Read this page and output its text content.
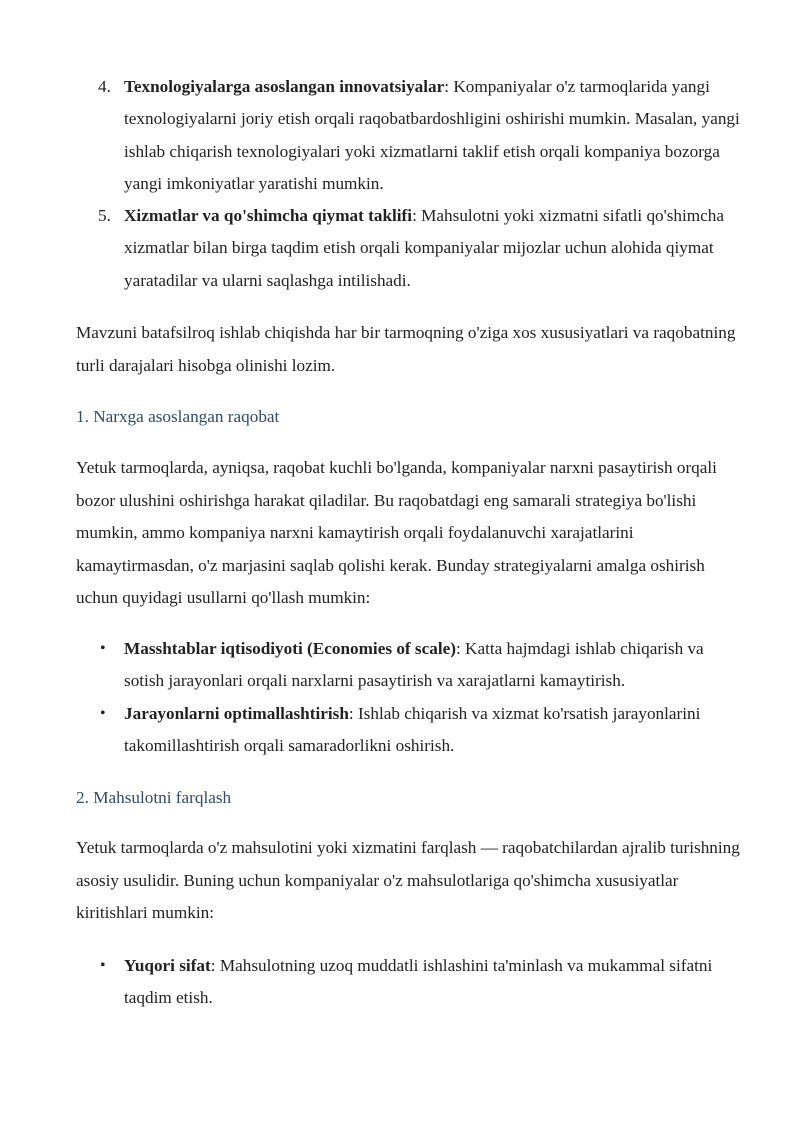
4. Texnologiyalarga asoslangan innovatsiyalar: Kompaniyalar o'z tarmoqlarida yangi texnologiyalarni joriy etish orqali raqobatbardoshligini oshirishi mumkin. Masalan, yangi ishlab chiqarish texnologiyalari yoki xizmatlarni taklif etish orqali kompaniya bozorga yangi imkoniyatlar yaratishi mumkin.
5. Xizmatlar va qo'shimcha qiymat taklifi: Mahsulotni yoki xizmatni sifatli qo'shimcha xizmatlar bilan birga taqdim etish orqali kompaniyalar mijozlar uchun alohida qiymat yaratadilar va ularni saqlashga intilishadi.
Mavzuni batafsilroq ishlab chiqishda har bir tarmoqning o'ziga xos xususiyatlari va raqobatning turli darajalari hisobga olinishi lozim.
1. Narxga asoslangan raqobat
Yetuk tarmoqlarda, ayniqsa, raqobat kuchli bo'lganda, kompaniyalar narxni pasaytirish orqali bozor ulushini oshirishga harakat qiladilar. Bu raqobatdagi eng samarali strategiya bo'lishi mumkin, ammo kompaniya narxni kamaytirish orqali foydalanuvchi xarajatlarini kamaytirmasdan, o'z marjasini saqlab qolishi kerak. Bunday strategiyalarni amalga oshirish uchun quyidagi usullarni qo'llash mumkin:
• Masshtablar iqtisodiyoti (Economies of scale): Katta hajmdagi ishlab chiqarish va sotish jarayonlari orqali narxlarni pasaytirish va xarajatlarni kamaytirish.
• Jarayonlarni optimallashtirish: Ishlab chiqarish va xizmat ko'rsatish jarayonlarini takomillashtirish orqali samaradorlikni oshirish.
2. Mahsulotni farqlash
Yetuk tarmoqlarda o'z mahsulotini yoki xizmatini farqlash — raqobatchilardan ajralib turishning asosiy usulidir. Buning uchun kompaniyalar o'z mahsulotlariga qo'shimcha xususiyatlar kiritishlari mumkin:
• Yuqori sifat: Mahsulotning uzoq muddatli ishlashini ta'minlash va mukammal sifatni taqdim etish.
